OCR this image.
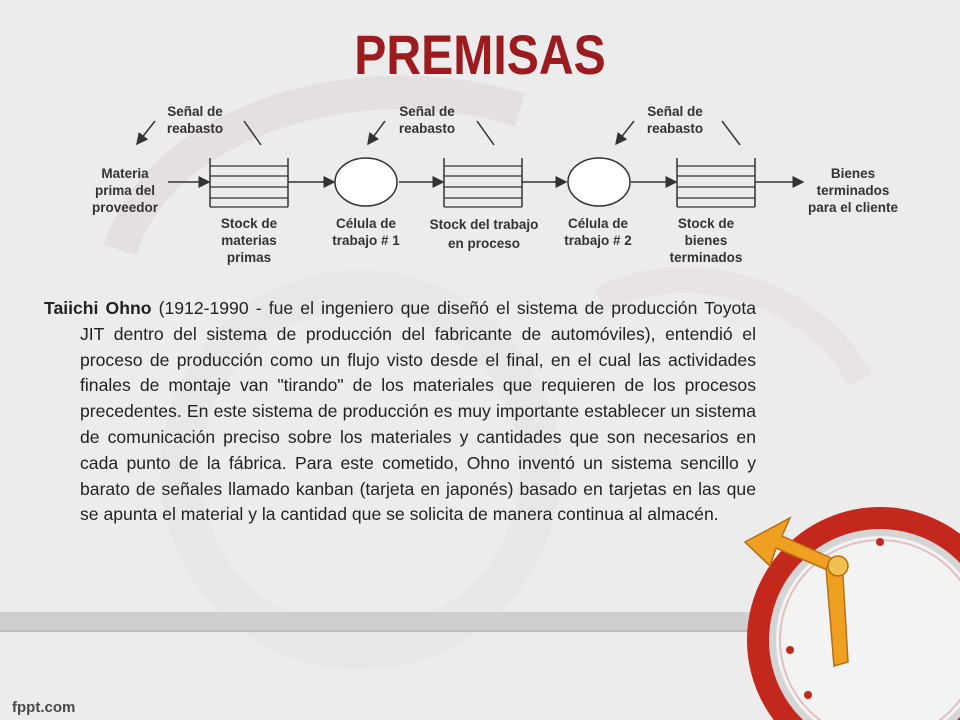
PREMISAS
Señal de reabasto
Señal de reabasto
Señal de reabasto
Materia prima del proveedor
Bienes terminados para el cliente
Stock de materias primas
Célula de trabajo # 1
Stock del trabajo en proceso
Célula de trabajo # 2
Stock de bienes terminados
Taiichi Ohno (1912-1990 - fue el ingeniero que diseñó el sistema de producción Toyota JIT dentro del sistema de producción del fabricante de automóviles), entendió el proceso de producción como un flujo visto desde el final, en el cual las actividades finales de montaje van "tirando" de los materiales que requieren de los procesos precedentes. En este sistema de producción es muy importante establecer un sistema de comunicación preciso sobre los materiales y cantidades que son necesarios en cada punto de la fábrica. Para este cometido, Ohno inventó un sistema sencillo y barato de señales llamado kanban (tarjeta en japonés) basado en tarjetas en las que se apunta el material y la cantidad que se solicita de manera continua al almacén.
fppt.com
